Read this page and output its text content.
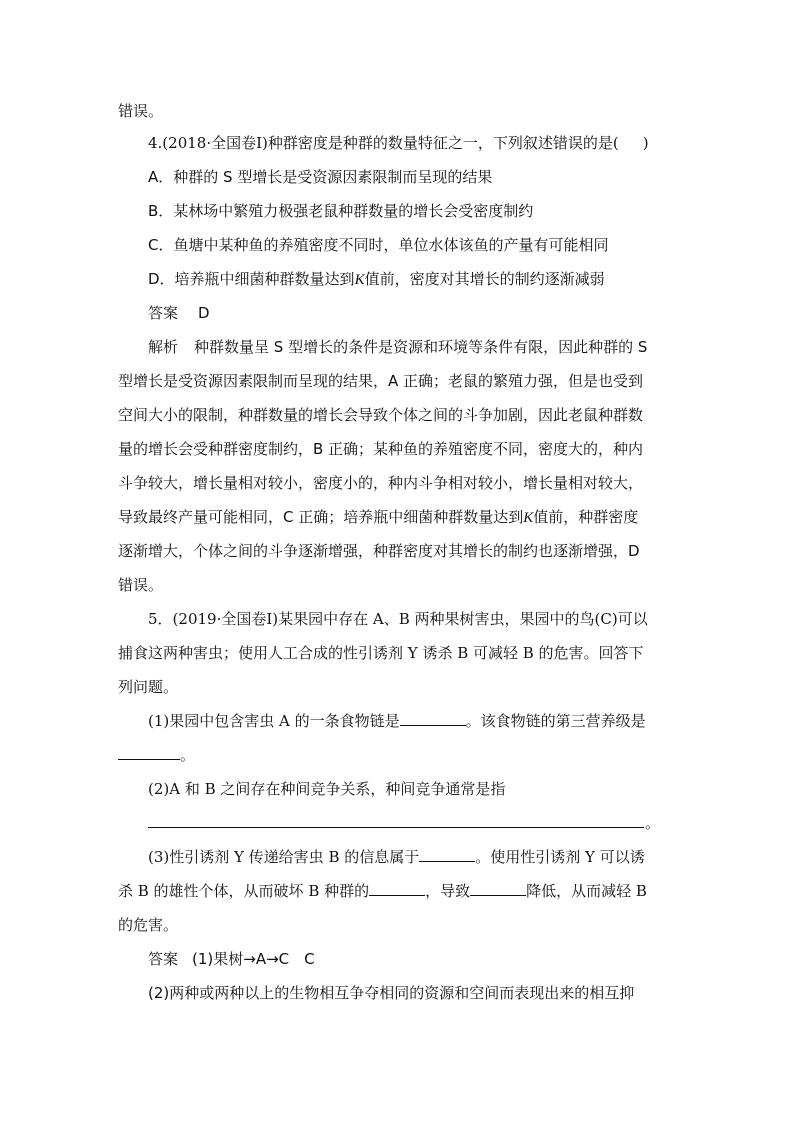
错误。
4.(2018·全国卷Ⅰ)种群密度是种群的数量特征之一，下列叙述错误的是( )
A．种群的 S 型增长是受资源因素限制而呈现的结果
B．某林场中繁殖力极强老鼠种群数量的增长会受密度制约
C．鱼塘中某种鱼的养殖密度不同时，单位水体该鱼的产量有可能相同
D．培养瓶中细菌种群数量达到K值前，密度对其增长的制约逐渐减弱
答案 D
解析 种群数量呈 S 型增长的条件是资源和环境等条件有限，因此种群的 S
型增长是受资源因素限制而呈现的结果，A 正确；老鼠的繁殖力强，但是也受到
空间大小的限制，种群数量的增长会导致个体之间的斗争加剧，因此老鼠种群数
量的增长会受种群密度制约，B 正确；某种鱼的养殖密度不同，密度大的，种内
斗争较大，增长量相对较小，密度小的，种内斗争相对较小，增长量相对较大，
导致最终产量可能相同，C 正确；培养瓶中细菌种群数量达到K值前，种群密度
逐渐增大，个体之间的斗争逐渐增强，种群密度对其增长的制约也逐渐增强，D
错误。
5．(2019·全国卷Ⅰ)某果园中存在 A、B 两种果树害虫，果园中的鸟(C)可以
捕食这两种害虫；使用人工合成的性引诱剂 Y 诱杀 B 可减轻 B 的危害。回答下
列问题。
(1)果园中包含害虫 A 的一条食物链是	。该食物链的第三营养级是
。
(2)A 和 B 之间存在种间竞争关系，种间竞争通常是指
。
(3)性引诱剂 Y 传递给害虫 B 的信息属于	。使用性引诱剂 Y 可以诱
杀 B 的雄性个体，从而破坏 B 种群的	，导致	降低，从而减轻 B
的危害。
答案 (1)果树→A→C　C
(2)两种或两种以上的生物相互争夺相同的资源和空间而表现出来的相互抑
